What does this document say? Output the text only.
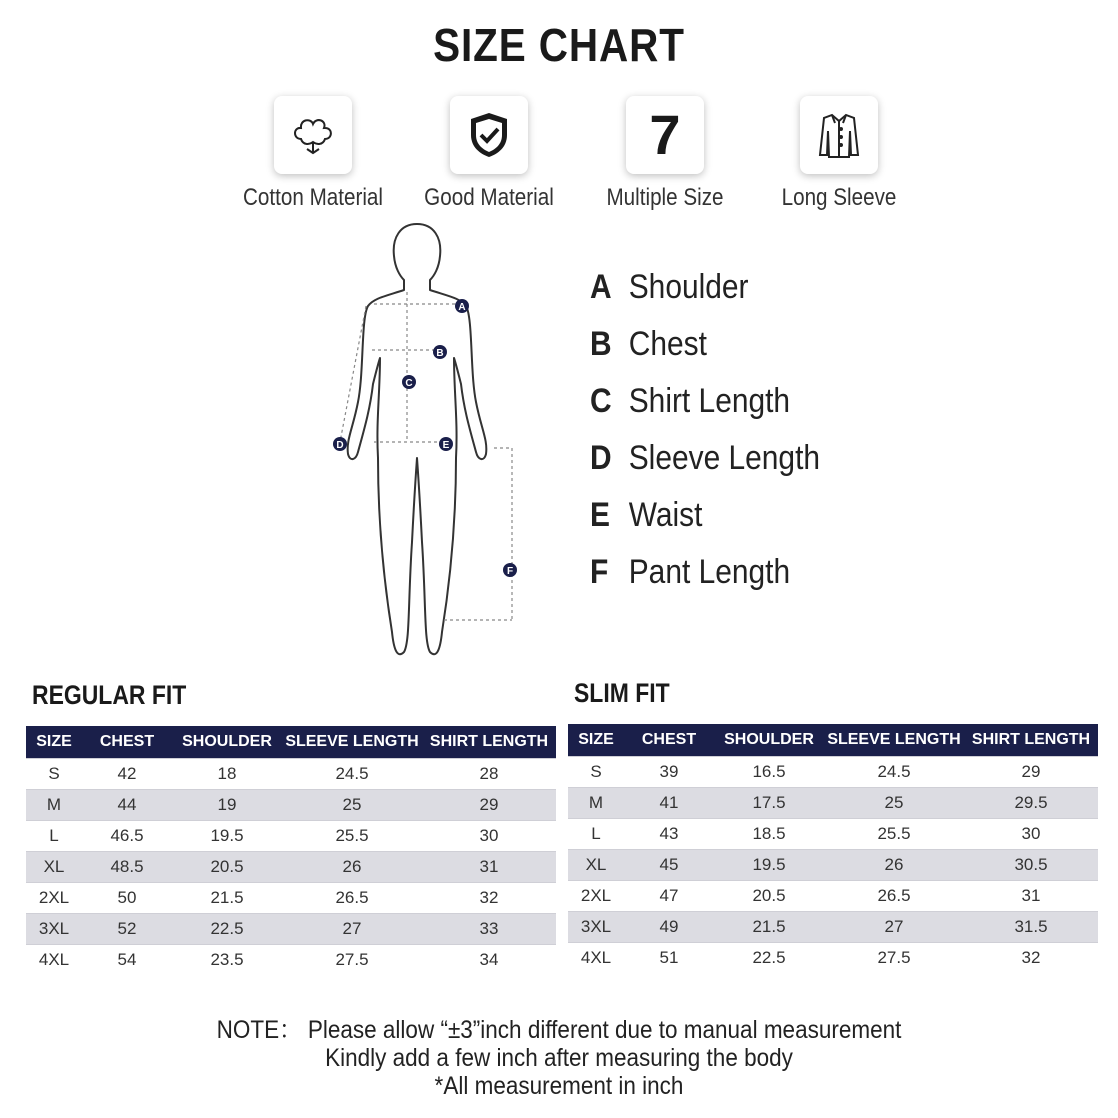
SIZE CHART
Cotton Material	Good Material
7
Multiple Size	Long Sleeve
A
B
C
D	E
F
A Shoulder
B Chest
C Shirt Length
D Sleeve Length
E Waist
F Pant Length
REGULAR FIT
SIZE	CHEST	SHOULDER	SLEEVE LENGTH	SHIRT LENGTH
S	42	18	24.5	28
M	44	19	25	29
L	46.5	19.5	25.5	30
XL	48.5	20.5	26	31
2XL	50	21.5	26.5	32
3XL	52	22.5	27	33
4XL	54	23.5	27.5	34
SLIM FIT
SIZE	CHEST	SHOULDER	SLEEVE LENGTH	SHIRT LENGTH
S	39	16.5	24.5	29
M	41	17.5	25	29.5
L	43	18.5	25.5	30
XL	45	19.5	26	30.5
2XL	47	20.5	26.5	31
3XL	49	21.5	27	31.5
4XL	51	22.5	27.5	32
NOTE： Please allow “±3”inch different due to manual measurement
Kindly add a few inch after measuring the body
*All measurement in inch
